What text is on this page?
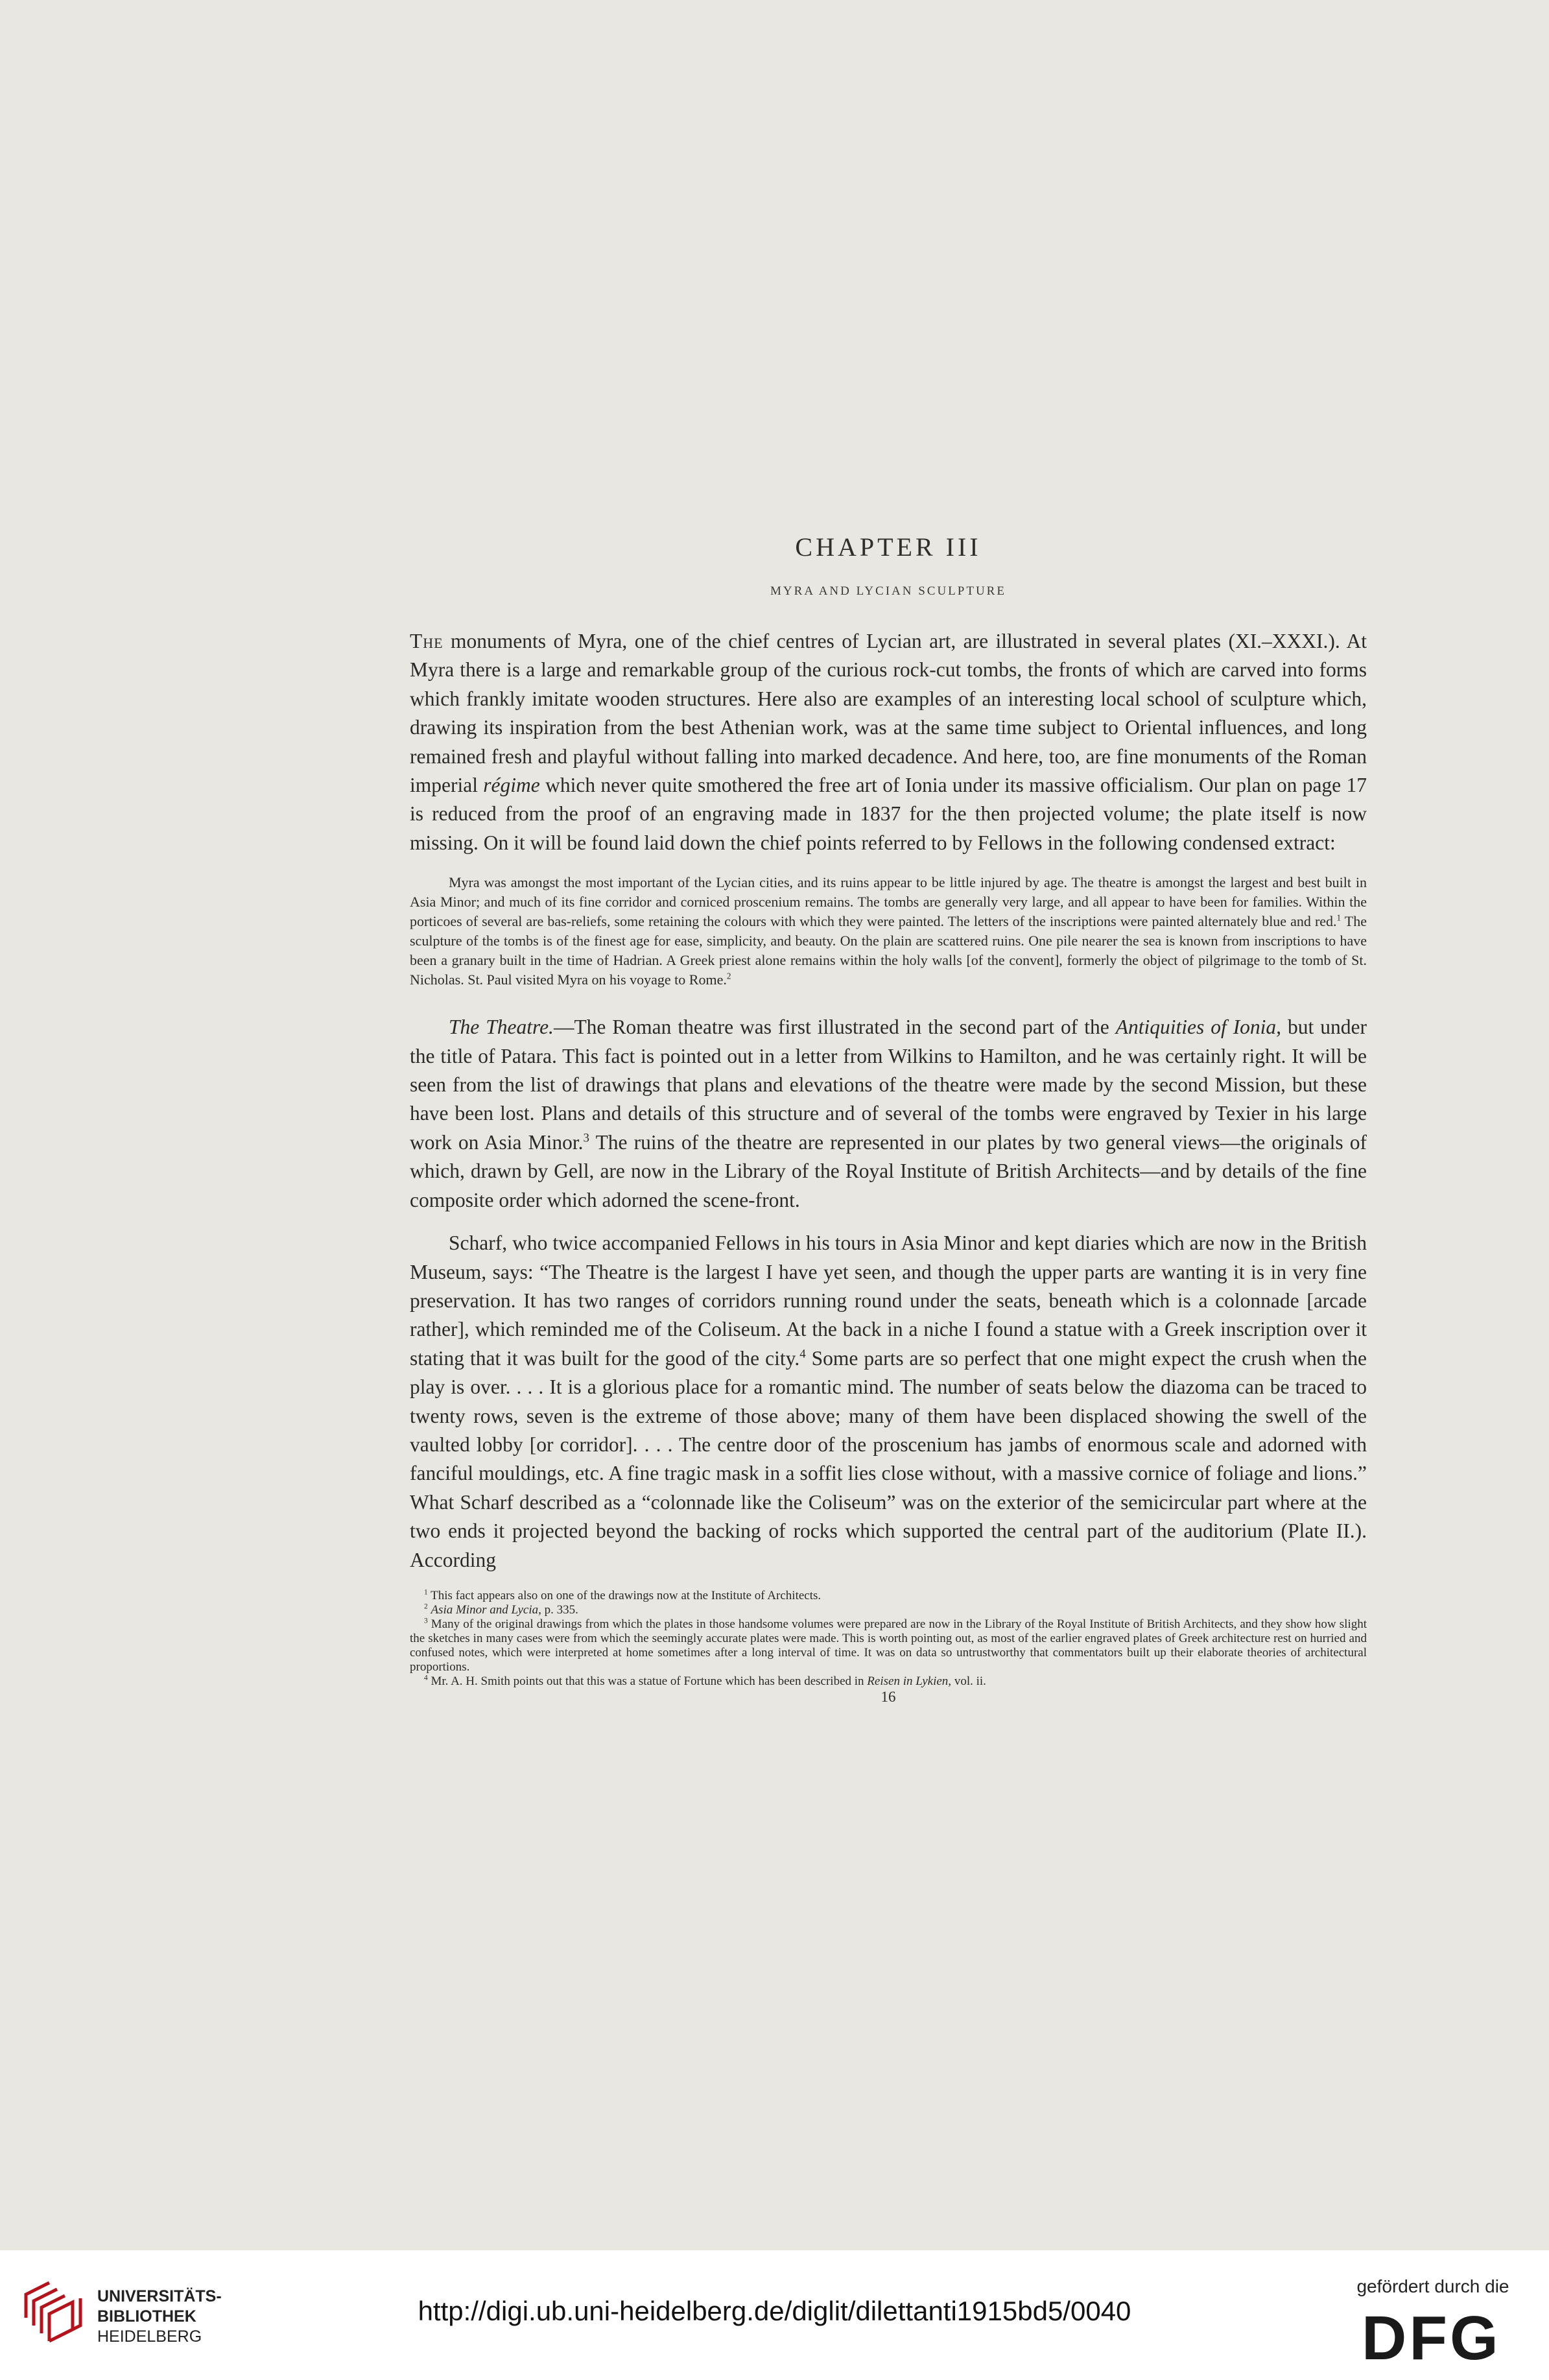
CHAPTER III
MYRA AND LYCIAN SCULPTURE

The monuments of Myra, one of the chief centres of Lycian art, are illustrated in several plates (XI.–XXXI.). At Myra there is a large and remarkable group of the curious rock-cut tombs, the fronts of which are carved into forms which frankly imitate wooden structures. Here also are examples of an interesting local school of sculpture which, drawing its inspiration from the best Athenian work, was at the same time subject to Oriental influences, and long remained fresh and playful without falling into marked decadence. And here, too, are fine monuments of the Roman imperial régime which never quite smothered the free art of Ionia under its massive officialism. Our plan on page 17 is reduced from the proof of an engraving made in 1837 for the then projected volume; the plate itself is now missing. On it will be found laid down the chief points referred to by Fellows in the following condensed extract:

Myra was amongst the most important of the Lycian cities, and its ruins appear to be little injured by age. The theatre is amongst the largest and best built in Asia Minor; and much of its fine corridor and corniced proscenium remains. The tombs are generally very large, and all appear to have been for families. Within the porticoes of several are bas-reliefs, some retaining the colours with which they were painted. The letters of the inscriptions were painted alternately blue and red.$^1$ The sculpture of the tombs is of the finest age for ease, simplicity, and beauty. On the plain are scattered ruins. One pile nearer the sea is known from inscriptions to have been a granary built in the time of Hadrian. A Greek priest alone remains within the holy walls [of the convent], formerly the object of pilgrimage to the tomb of St. Nicholas. St. Paul visited Myra on his voyage to Rome.$^2$

The Theatre.—The Roman theatre was first illustrated in the second part of the Antiquities of Ionia, but under the title of Patara. This fact is pointed out in a letter from Wilkins to Hamilton, and he was certainly right. It will be seen from the list of drawings that plans and elevations of the theatre were made by the second Mission, but these have been lost. Plans and details of this structure and of several of the tombs were engraved by Texier in his large work on Asia Minor.$^3$ The ruins of the theatre are represented in our plates by two general views—the originals of which, drawn by Gell, are now in the Library of the Royal Institute of British Architects—and by details of the fine composite order which adorned the scene-front.

Scharf, who twice accompanied Fellows in his tours in Asia Minor and kept diaries which are now in the British Museum, says: “The Theatre is the largest I have yet seen, and though the upper parts are wanting it is in very fine preservation. It has two ranges of corridors running round under the seats, beneath which is a colonnade [arcade rather], which reminded me of the Coliseum. At the back in a niche I found a statue with a Greek inscription over it stating that it was built for the good of the city.$^4$ Some parts are so perfect that one might expect the crush when the play is over. . . . It is a glorious place for a romantic mind. The number of seats below the diazoma can be traced to twenty rows, seven is the extreme of those above; many of them have been displaced showing the swell of the vaulted lobby [or corridor]. . . . The centre door of the proscenium has jambs of enormous scale and adorned with fanciful mouldings, etc. A fine tragic mask in a soffit lies close without, with a massive cornice of foliage and lions.” What Scharf described as a “colonnade like the Coliseum” was on the exterior of the semicircular part where at the two ends it projected beyond the backing of rocks which supported the central part of the auditorium (Plate II.). According

$^1$ This fact appears also on one of the drawings now at the Institute of Architects.

$^2$ Asia Minor and Lycia, p. 335.

$^3$ Many of the original drawings from which the plates in those handsome volumes were prepared are now in the Library of the Royal Institute of British Architects, and they show how slight the sketches in many cases were from which the seemingly accurate plates were made. This is worth pointing out, as most of the earlier engraved plates of Greek architecture rest on hurried and confused notes, which were interpreted at home sometimes after a long interval of time. It was on data so untrustworthy that commentators built up their elaborate theories of architectural proportions.

$^4$ Mr. A. H. Smith points out that this was a statue of Fortune which has been described in Reisen in Lykien, vol. ii.

16
UNIVERSITÄTS-
BIBLIOTHEK
HEIDELBERG
http://digi.ub.uni-heidelberg.de/diglit/dilettanti1915bd5/0040
gefördert durch die
DFG
